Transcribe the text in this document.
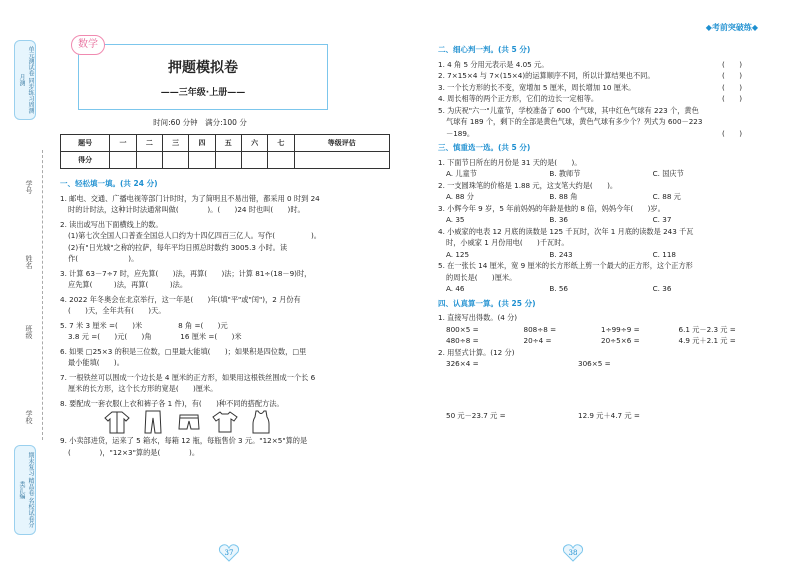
单元测试卷 同步练习周测月测
期末复习 精品卷 名校试卷分类汇编
学号
姓名
班级
学校
数学
押题模拟卷
——三年级·上册——
时间:60 分钟　满分:100 分
题号	一	二	三	四	五	六	七	等级评估
得分								
一、轻松填一填。(共 24 分)
1. 邮电、交通、广播电视等部门计时时，为了简明且不易出错，都采用 0 时到 24
时的计时法，这种计时法通常叫做(　　　　)。(　　)24 时也叫(　　)时。
2. 读出或写出下面横线上的数。
(1)第七次全国人口普查全国总人口约为十四亿四百三亿人。写作(　　　　　)。
(2)有"日光城"之称的拉萨，每年平均日照总时数约 3005.3 小时。读
作(　　　　　　　)。
3. 计算 63－7÷7 时，应先算(　　)法，再算(　　)法；计算 81÷(18－9)时，
应先算(　　　)法，再算(　　　)法。
4. 2022 年冬奥会在北京举行，这一年是(　　)年(填"平"或"闰")，2 月份有
(　　)天，全年共有(　　)天。
5. 7 米 3 厘米 =(　　)米　　　　　8 角 =(　　)元
3.8 元 =(　　)元(　　)角　　　　16 厘米 =(　　)米
6. 如果 □25×3 的积是三位数，□里最大能填(　　)；如果积是四位数，□里
最小能填(　　)。
7. 一根铁丝可以围成一个边长是 4 厘米的正方形，如果用这根铁丝围成一个长 6
厘米的长方形，这个长方形的宽是(　　)厘米。
8. 要配成一套衣服(上衣和裤子各 1 件)，有(　　)种不同的搭配方法。
9. 小卖部进货，运来了 5 箱水，每箱 12 瓶，每瓶售价 3 元。"12×5"算的是
(　　　　)，"12×3"算的是(　　　　)。
37
◆考前突破练◆
二、细心判一判。(共 5 分)
1. 4 角 5 分用元表示是 4.05 元。	(　　)
2. 7×15×4 与 7×(15×4)的运算顺序不同，所以计算结果也不同。	(　　)
3. 一个长方形的长不变，宽增加 5 厘米，周长增加 10 厘米。	(　　)
4. 周长相等的两个正方形，它们的边长一定相等。	(　　)
5. 为庆祝"六一"儿童节，学校准备了 600 个气球，其中红色气球有 223 个，黄色
气球有 189 个，剩下的全部是黄色气球，黄色气球有多少个？列式为 600－223
－189。	(　　)
三、慎重选一选。(共 5 分)
1. 下面节日所在的月份是 31 天的是(　　)。
A. 儿童节	B. 教师节	C. 国庆节
2. 一支圆珠笔的价格是 1.88 元，这支笔大约是(　　)。
A. 88 分	B. 88 角	C. 88 元
3. 小辉今年 9 岁，5 年前妈妈的年龄是他的 8 倍，妈妈今年(　　)岁。
A. 35	B. 36	C. 37
4. 小威家的电表 12 月底的读数是 125 千瓦时，次年 1 月底的读数是 243 千瓦
时，小威家 1 月份用电(　　)千瓦时。
A. 125	B. 243	C. 118
5. 在一张长 14 厘米，宽 9 厘米的长方形纸上剪一个最大的正方形，这个正方形
的周长是(　　)厘米。
A. 46	B. 56	C. 36
四、认真算一算。(共 25 分)
1. 直接写出得数。(4 分)
800×5 =	808÷8 =	1÷99÷9 =	6.1 元－2.3 元 =
480÷8 =	20÷4 =	20÷5×6 =	4.9 元＋2.1 元 =
2. 用竖式计算。(12 分)
326×4 =	306×5 =
50 元－23.7 元 =	12.9 元＋4.7 元 =
38
